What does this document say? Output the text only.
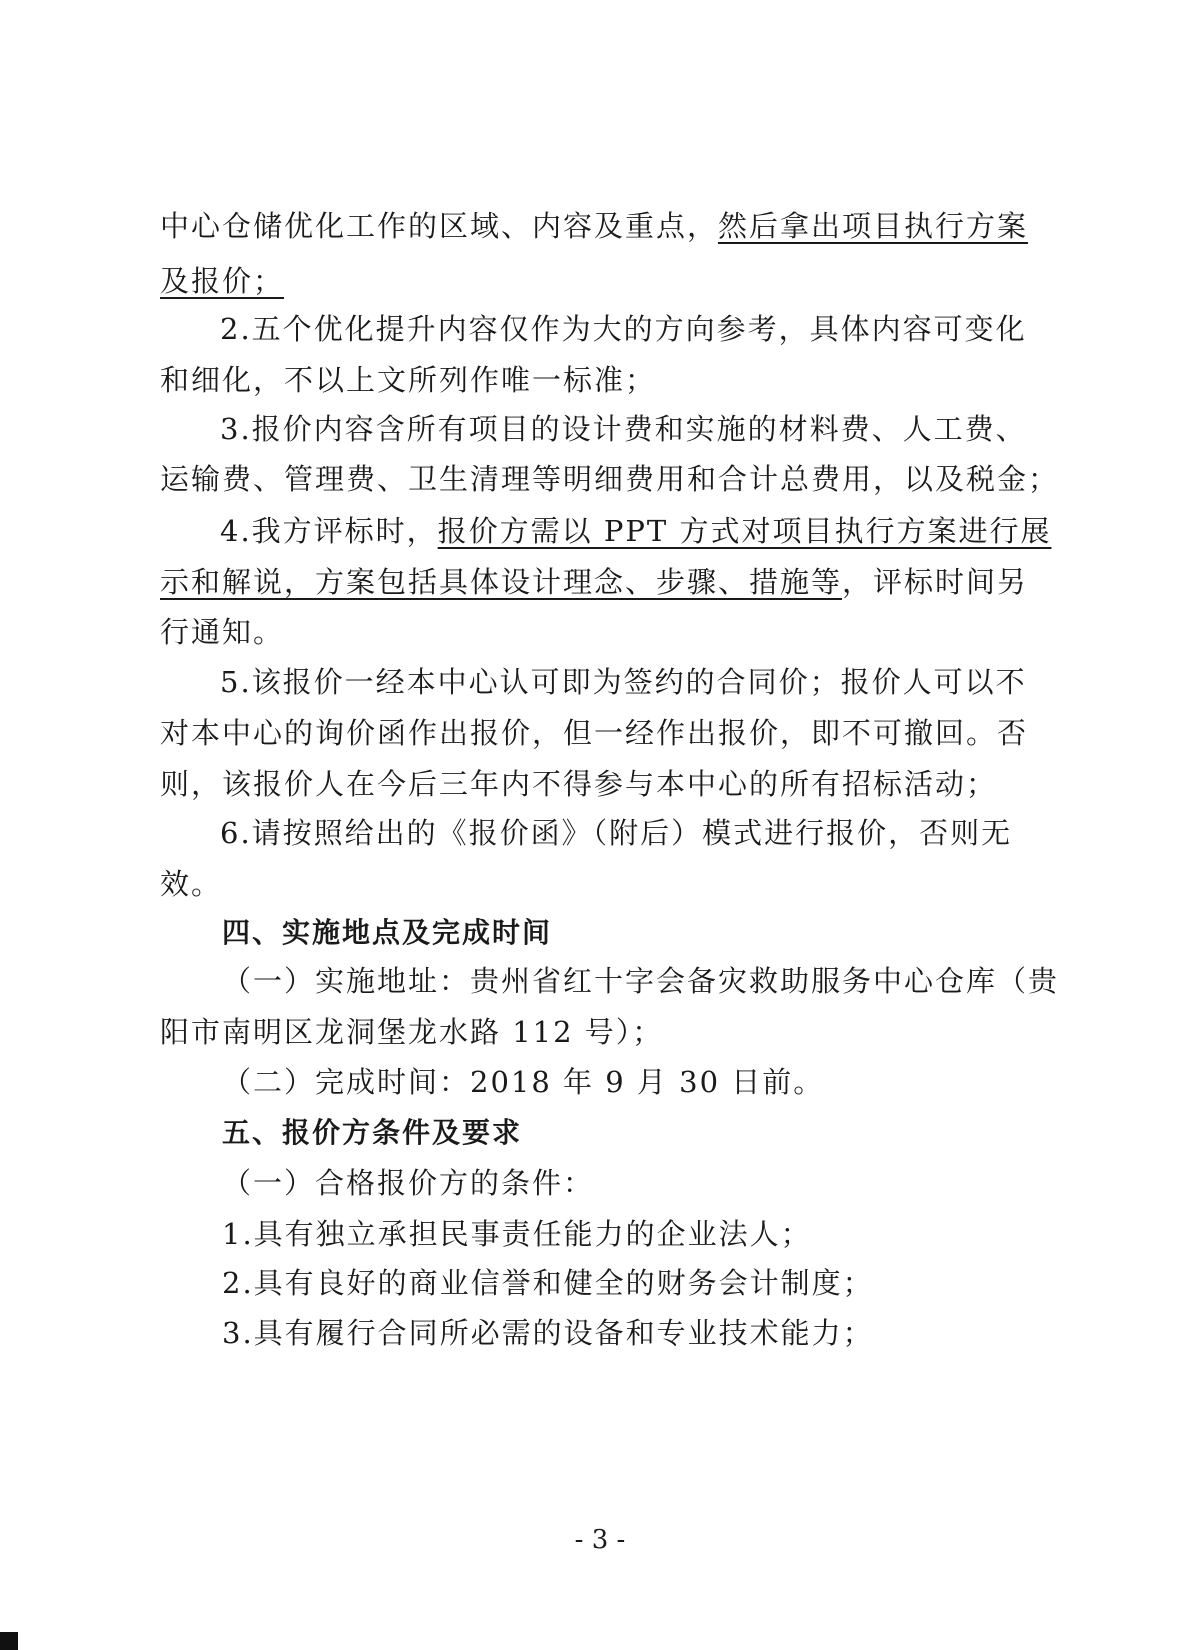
中心仓储优化工作的区域、内容及重点，然后拿出项目执行方案
及报价；
2.五个优化提升内容仅作为大的方向参考，具体内容可变化
和细化，不以上文所列作唯一标准；
3.报价内容含所有项目的设计费和实施的材料费、人工费、
运输费、管理费、卫生清理等明细费用和合计总费用，以及税金；
4.我方评标时，报价方需以 PPT 方式对项目执行方案进行展
示和解说，方案包括具体设计理念、步骤、措施等，评标时间另
行通知。
5.该报价一经本中心认可即为签约的合同价；报价人可以不
对本中心的询价函作出报价，但一经作出报价，即不可撤回。否
则，该报价人在今后三年内不得参与本中心的所有招标活动；
6.请按照给出的《报价函》（附后）模式进行报价，否则无
效。
四、实施地点及完成时间
（一）实施地址：贵州省红十字会备灾救助服务中心仓库（贵
阳市南明区龙洞堡龙水路 112 号）；
（二）完成时间：2018 年 9 月 30 日前。
五、报价方条件及要求
（一）合格报价方的条件：
1.具有独立承担民事责任能力的企业法人；
2.具有良好的商业信誉和健全的财务会计制度；
3.具有履行合同所必需的设备和专业技术能力；
- 3 -
